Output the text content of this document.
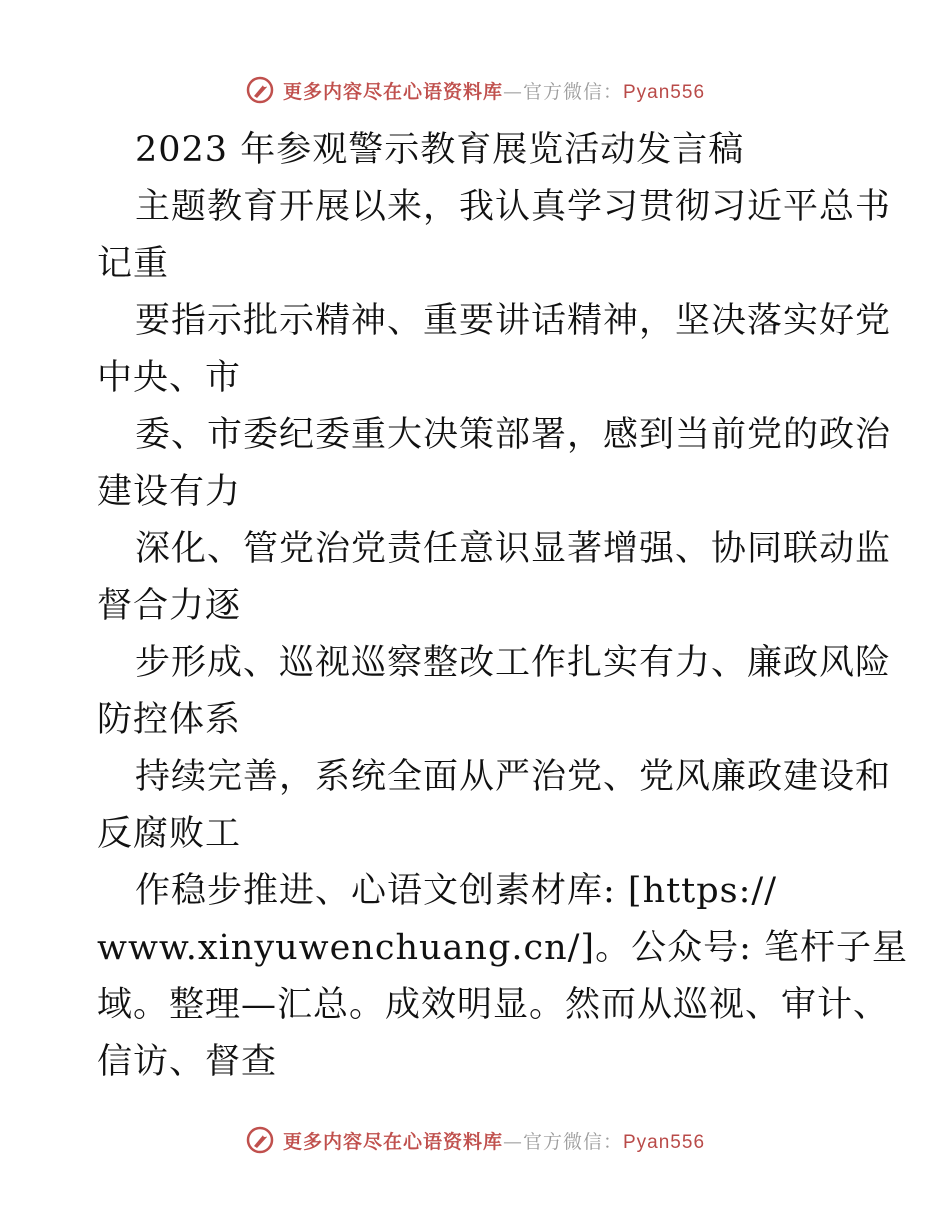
更多内容尽在心语资料库—官方微信：Pyan556
2023 年参观警示教育展览活动发言稿
主题教育开展以来，我认真学习贯彻习近平总书
记重
要指示批示精神、重要讲话精神，坚决落实好党
中央、市
委、市委纪委重大决策部署，感到当前党的政治
建设有力
深化、管党治党责任意识显著增强、协同联动监
督合力逐
步形成、巡视巡察整改工作扎实有力、廉政风险
防控体系
持续完善，系统全面从严治党、党风廉政建设和
反腐败工
作稳步推进、心语文创素材库: [https://
www.xinyuwenchuang.cn/]。公众号: 笔杆子星
域。整理—汇总。成效明显。然而从巡视、审计、
信访、督查
更多内容尽在心语资料库—官方微信：Pyan556
